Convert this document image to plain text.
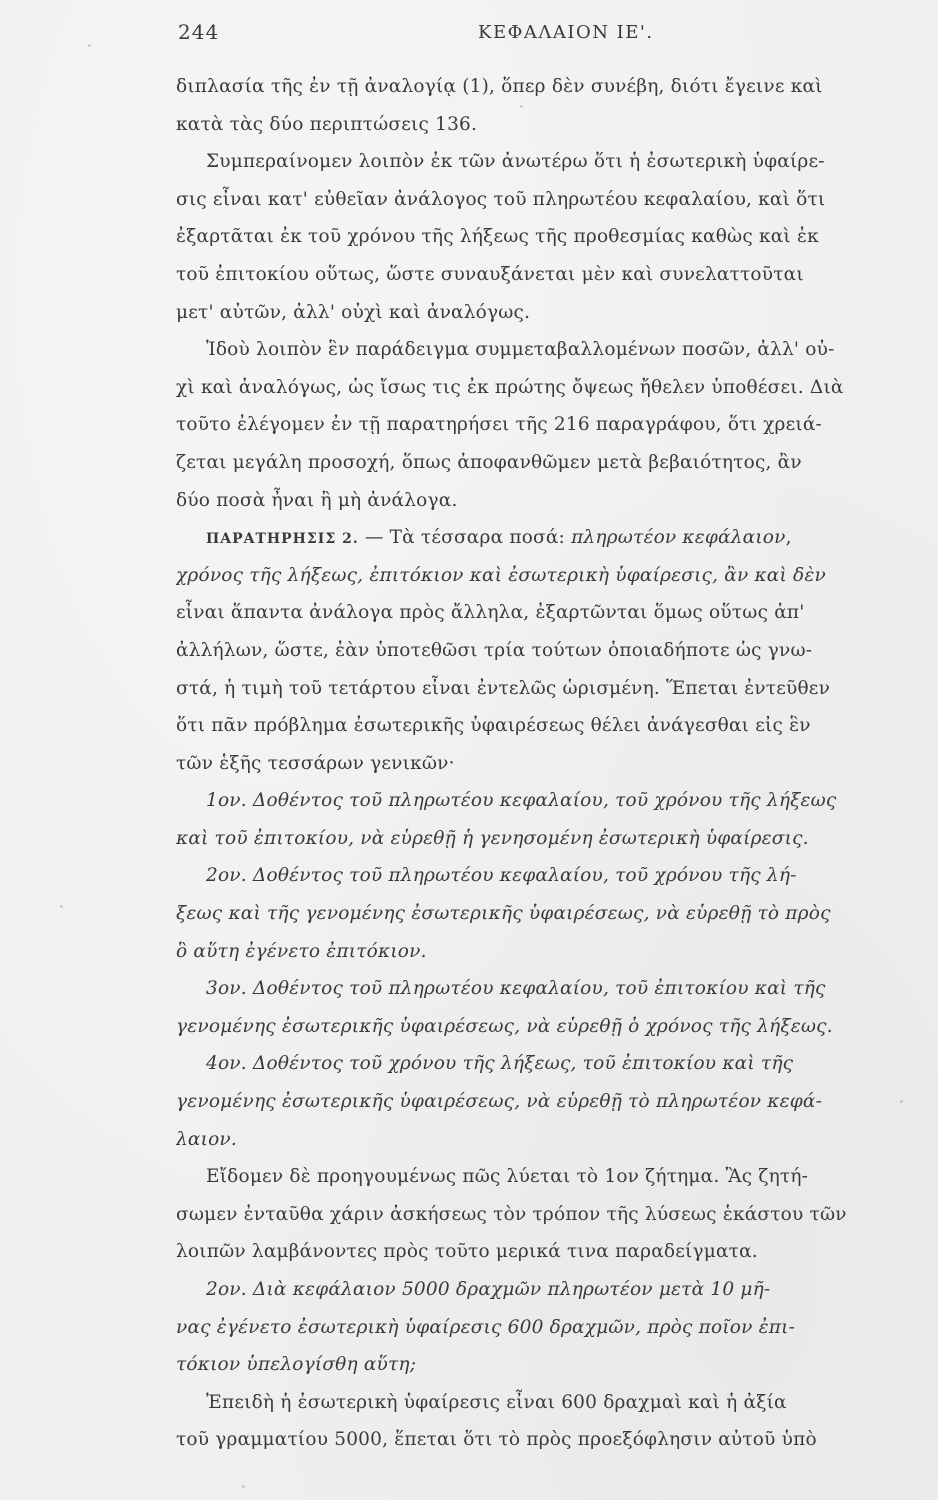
244	ΚΕΦΑΛΑΙΟΝ ΙΕ'.
διπλασία τῆς ἐν τῇ ἀναλογίᾳ (1), ὅπερ δὲν συνέβη, διότι ἔγεινε καὶ
κατὰ τὰς δύο περιπτώσεις 136.
Συμπεραίνομεν λοιπὸν ἐκ τῶν ἀνωτέρω ὅτι ἡ ἐσωτερικὴ ὑφαίρε-
σις εἶναι κατ' εὐθεῖαν ἀνάλογος τοῦ πληρωτέου κεφαλαίου, καὶ ὅτι
ἐξαρτᾶται ἐκ τοῦ χρόνου τῆς λήξεως τῆς προθεσμίας καθὼς καὶ ἐκ
τοῦ ἐπιτοκίου οὕτως, ὥστε συναυξάνεται μὲν καὶ συνελαττοῦται
μετ' αὐτῶν, ἀλλ' οὐχὶ καὶ ἀναλόγως.
Ἰδοὺ λοιπὸν ἓν παράδειγμα συμμεταβαλλομένων ποσῶν, ἀλλ' οὐ-
χὶ καὶ ἀναλόγως, ὡς ἴσως τις ἐκ πρώτης ὄψεως ἤθελεν ὑποθέσει. Διὰ
τοῦτο ἐλέγομεν ἐν τῇ παρατηρήσει τῆς 216 παραγράφου, ὅτι χρειά-
ζεται μεγάλη προσοχή, ὅπως ἀποφανθῶμεν μετὰ βεβαιότητος, ἂν
δύο ποσὰ ἦναι ἢ μὴ ἀνάλογα.
ΠΑΡΑΤΗΡΗΣΙΣ 2. — Τὰ τέσσαρα ποσά: πληρωτέον κεφάλαιον,
χρόνος τῆς λήξεως, ἐπιτόκιον καὶ ἐσωτερικὴ ὑφαίρεσις, ἂν καὶ δὲν
εἶναι ἅπαντα ἀνάλογα πρὸς ἄλληλα, ἐξαρτῶνται ὅμως οὕτως ἀπ'
ἀλλήλων, ὥστε, ἐὰν ὑποτεθῶσι τρία τούτων ὁποιαδήποτε ὡς γνω-
στά, ἡ τιμὴ τοῦ τετάρτου εἶναι ἐντελῶς ὡρισμένη. Ἕπεται ἐντεῦθεν
ὅτι πᾶν πρόβλημα ἐσωτερικῆς ὑφαιρέσεως θέλει ἀνάγεσθαι εἰς ἓν
τῶν ἑξῆς τεσσάρων γενικῶν·
1ον. Δοθέντος τοῦ πληρωτέου κεφαλαίου, τοῦ χρόνου τῆς λήξεως
καὶ τοῦ ἐπιτοκίου, νὰ εὑρεθῇ ἡ γενησομένη ἐσωτερικὴ ὑφαίρεσις.
2ον. Δοθέντος τοῦ πληρωτέου κεφαλαίου, τοῦ χρόνου τῆς λή-
ξεως καὶ τῆς γενομένης ἐσωτερικῆς ὑφαιρέσεως, νὰ εὑρεθῇ τὸ πρὸς
ὃ αὕτη ἐγένετο ἐπιτόκιον.
3ον. Δοθέντος τοῦ πληρωτέου κεφαλαίου, τοῦ ἐπιτοκίου καὶ τῆς
γενομένης ἐσωτερικῆς ὑφαιρέσεως, νὰ εὑρεθῇ ὁ χρόνος τῆς λήξεως.
4ον. Δοθέντος τοῦ χρόνου τῆς λήξεως, τοῦ ἐπιτοκίου καὶ τῆς
γενομένης ἐσωτερικῆς ὑφαιρέσεως, νὰ εὑρεθῇ τὸ πληρωτέον κεφά-
λαιον.
Εἴδομεν δὲ προηγουμένως πῶς λύεται τὸ 1ον ζήτημα. Ἂς ζητή-
σωμεν ἐνταῦθα χάριν ἀσκήσεως τὸν τρόπον τῆς λύσεως ἑκάστου τῶν
λοιπῶν λαμβάνοντες πρὸς τοῦτο μερικά τινα παραδείγματα.
2ον. Διὰ κεφάλαιον 5000 δραχμῶν πληρωτέον μετὰ 10 μῆ-
νας ἐγένετο ἐσωτερικὴ ὑφαίρεσις 600 δραχμῶν, πρὸς ποῖον ἐπι-
τόκιον ὑπελογίσθη αὕτη;
Ἐπειδὴ ἡ ἐσωτερικὴ ὑφαίρεσις εἶναι 600 δραχμαὶ καὶ ἡ ἀξία
τοῦ γραμματίου 5000, ἕπεται ὅτι τὸ πρὸς προεξόφλησιν αὐτοῦ ὑπὸ
